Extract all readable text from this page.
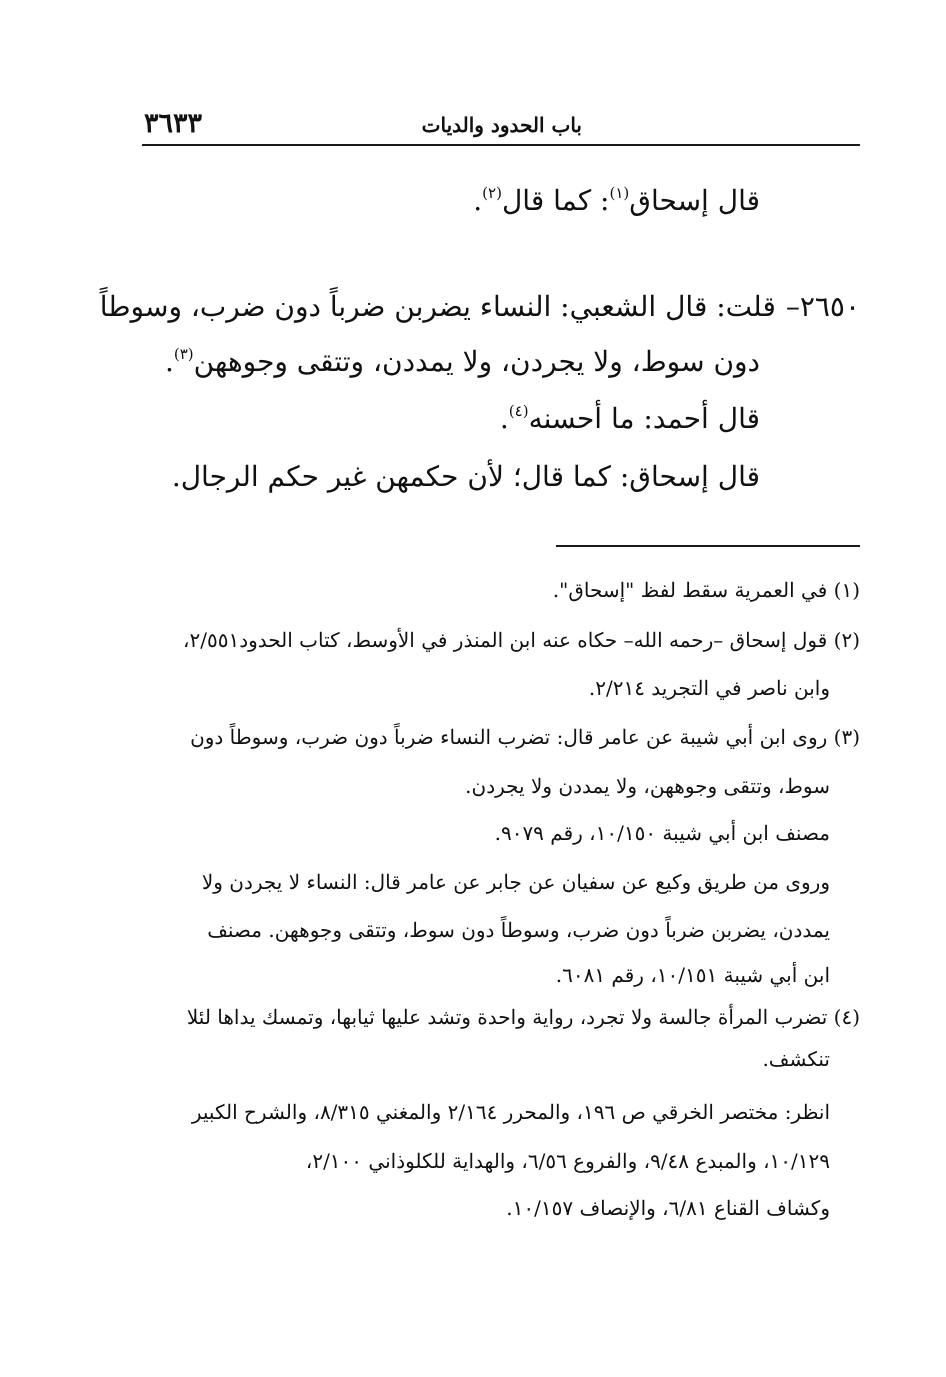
٣٦٣٣	باب الحدود والديات
قال إسحاق$^{(١)}$: كما قال$^{(٢)}$.
٢٦٥٠–قلت: قال الشعبي: النساء يضربن ضرباً دون ضرب، وسوطاً
دون سوط، ولا يجردن، ولا يمددن، وتتقى وجوههن$^{(٣)}$.
قال أحمد: ما أحسنه$^{(٤)}$.
قال إسحاق: كما قال؛ لأن حكمهن غير حكم الرجال.
(١) في العمرية سقط لفظ "إسحاق".
(٢) قول إسحاق –رحمه الله– حكاه عنه ابن المنذر في الأوسط، كتاب الحدود٢/٥٥١،
وابن ناصر في التجريد ٢/٢١٤.
(٣) روى ابن أبي شيبة عن عامر قال: تضرب النساء ضرباً دون ضرب، وسوطاً دون
سوط، وتتقى وجوههن، ولا يمددن ولا يجردن.
مصنف ابن أبي شيبة ١٠/١٥٠، رقم ٩٠٧٩.
وروى من طريق وكيع عن سفيان عن جابر عن عامر قال: النساء لا يجردن ولا
يمددن، يضربن ضرباً دون ضرب، وسوطاً دون سوط، وتتقى وجوههن. مصنف
ابن أبي شيبة ١٠/١٥١، رقم ٦٠٨١.
(٤) تضرب المرأة جالسة ولا تجرد، رواية واحدة وتشد عليها ثيابها، وتمسك يداها لئلا
تنكشف.
انظر: مختصر الخرقي ص ١٩٦، والمحرر ٢/١٦٤ والمغني ٨/٣١٥، والشرح الكبير
١٠/١٢٩، والمبدع ٩/٤٨، والفروع ٦/٥٦، والهداية للكلوذاني ٢/١٠٠،
وكشاف القناع ٦/٨١، والإنصاف ١٠/١٥٧.
